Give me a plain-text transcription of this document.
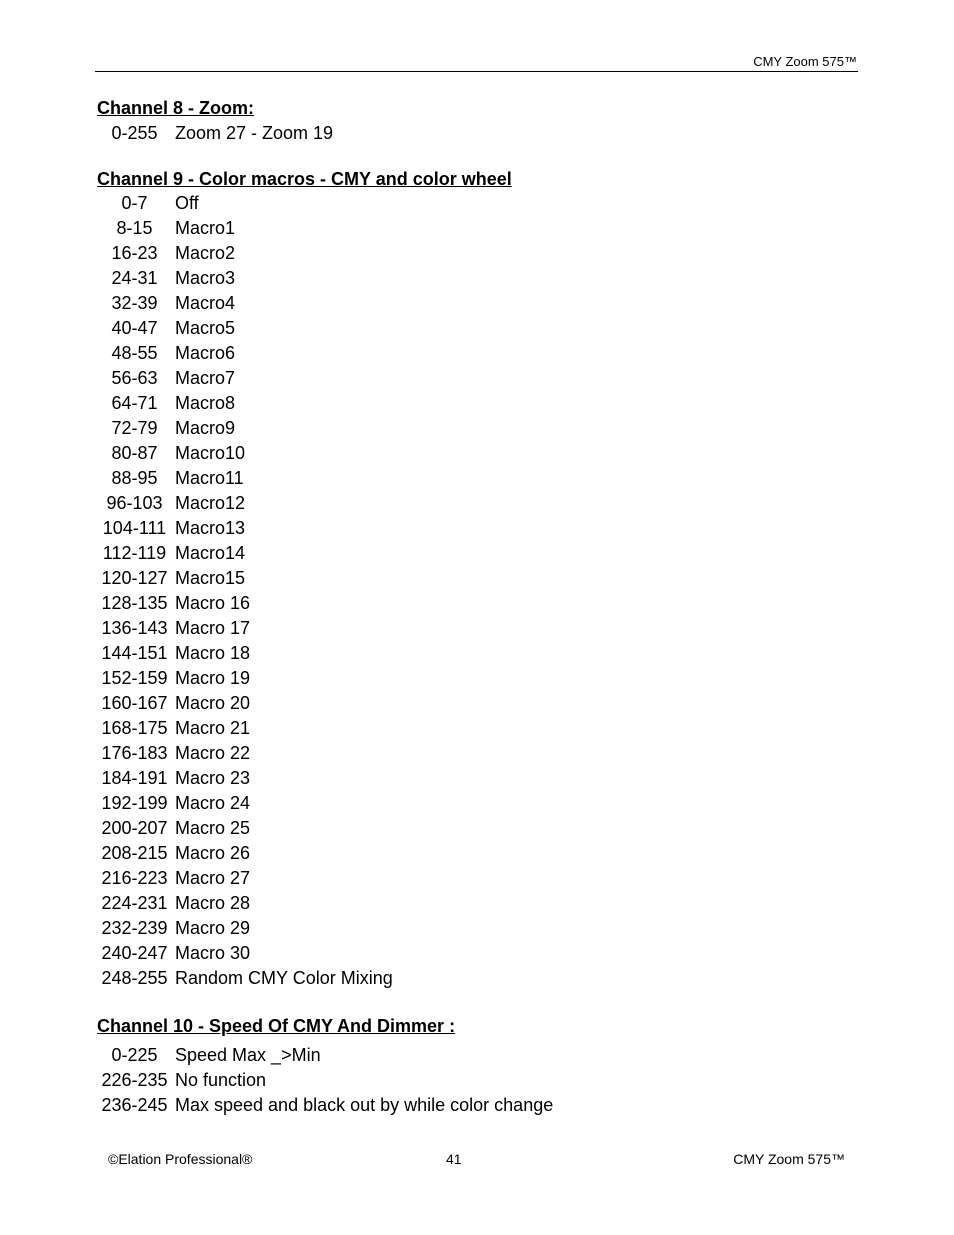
CMY Zoom 575™
Channel 8 - Zoom:
0-255 Zoom 27 - Zoom 19
Channel 9 - Color macros - CMY and color wheel
0-7	Off
8-15	Macro1
16-23 Macro2
24-31 Macro3
32-39 Macro4
40-47 Macro5
48-55 Macro6
56-63 Macro7
64-71 Macro8
72-79 Macro9
80-87 Macro10
88-95 Macro11
96-103 Macro12
104-111 Macro13
112-119 Macro14
120-127 Macro15
128-135 Macro 16
136-143 Macro 17
144-151 Macro 18
152-159 Macro 19
160-167 Macro 20
168-175 Macro 21
176-183 Macro 22
184-191 Macro 23
192-199 Macro 24
200-207 Macro 25
208-215 Macro 26
216-223 Macro 27
224-231 Macro 28
232-239 Macro 29
240-247 Macro 30
248-255 Random CMY Color Mixing
Channel 10 - Speed Of CMY And Dimmer :
0-225 Speed Max _>Min
226-235 No function
236-245 Max speed and black out by while color change
©Elation Professional®	41	CMY Zoom 575™
